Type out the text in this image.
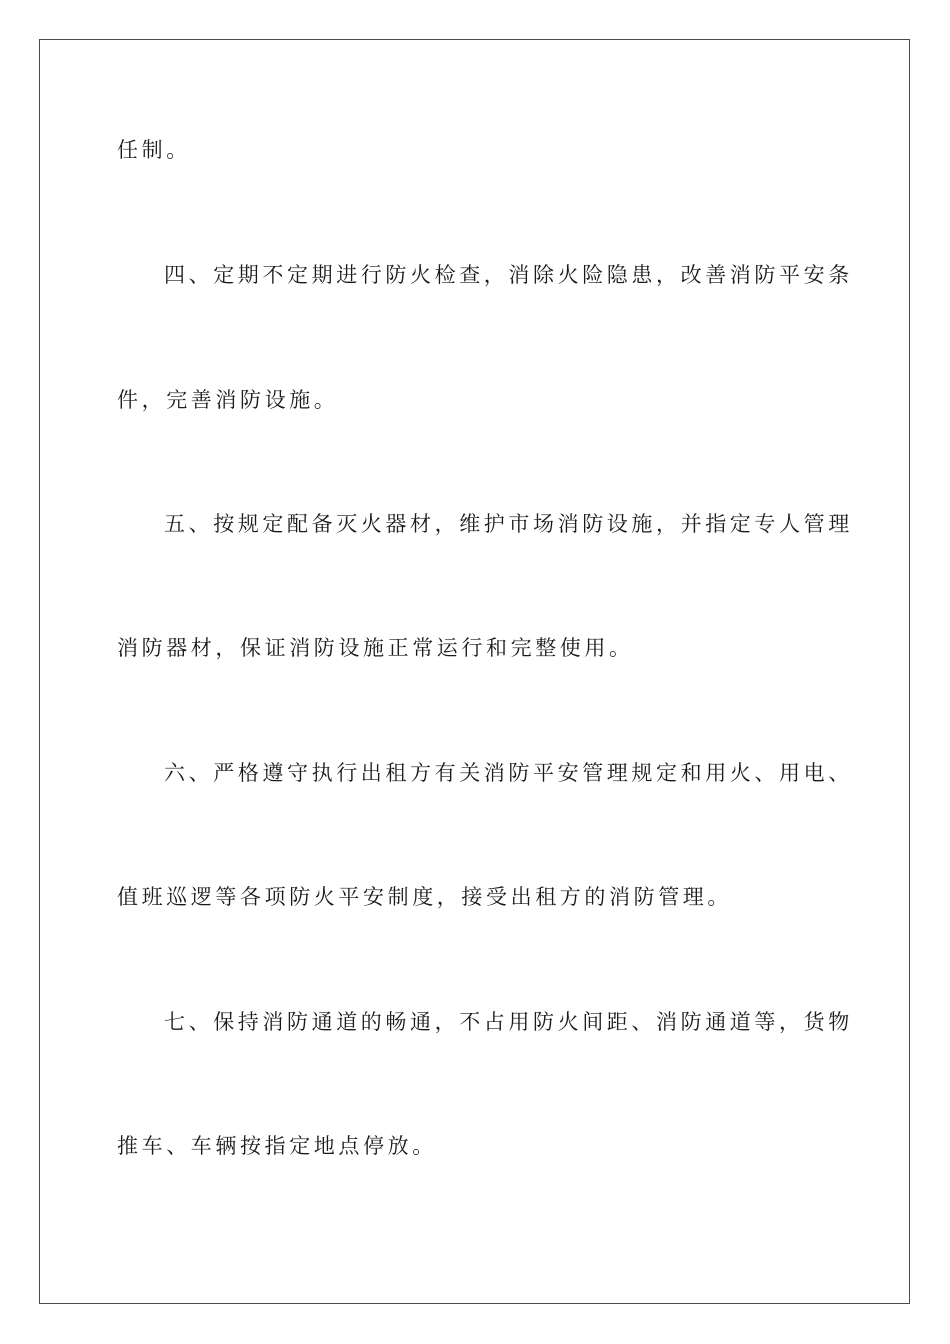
任制。
四、定期不定期进行防火检查，消除火险隐患，改善消防平安条
件，完善消防设施。
五、按规定配备灭火器材，维护市场消防设施，并指定专人管理
消防器材，保证消防设施正常运行和完整使用。
六、严格遵守执行出租方有关消防平安管理规定和用火、用电、
值班巡逻等各项防火平安制度，接受出租方的消防管理。
七、保持消防通道的畅通，不占用防火间距、消防通道等，货物
推车、车辆按指定地点停放。
